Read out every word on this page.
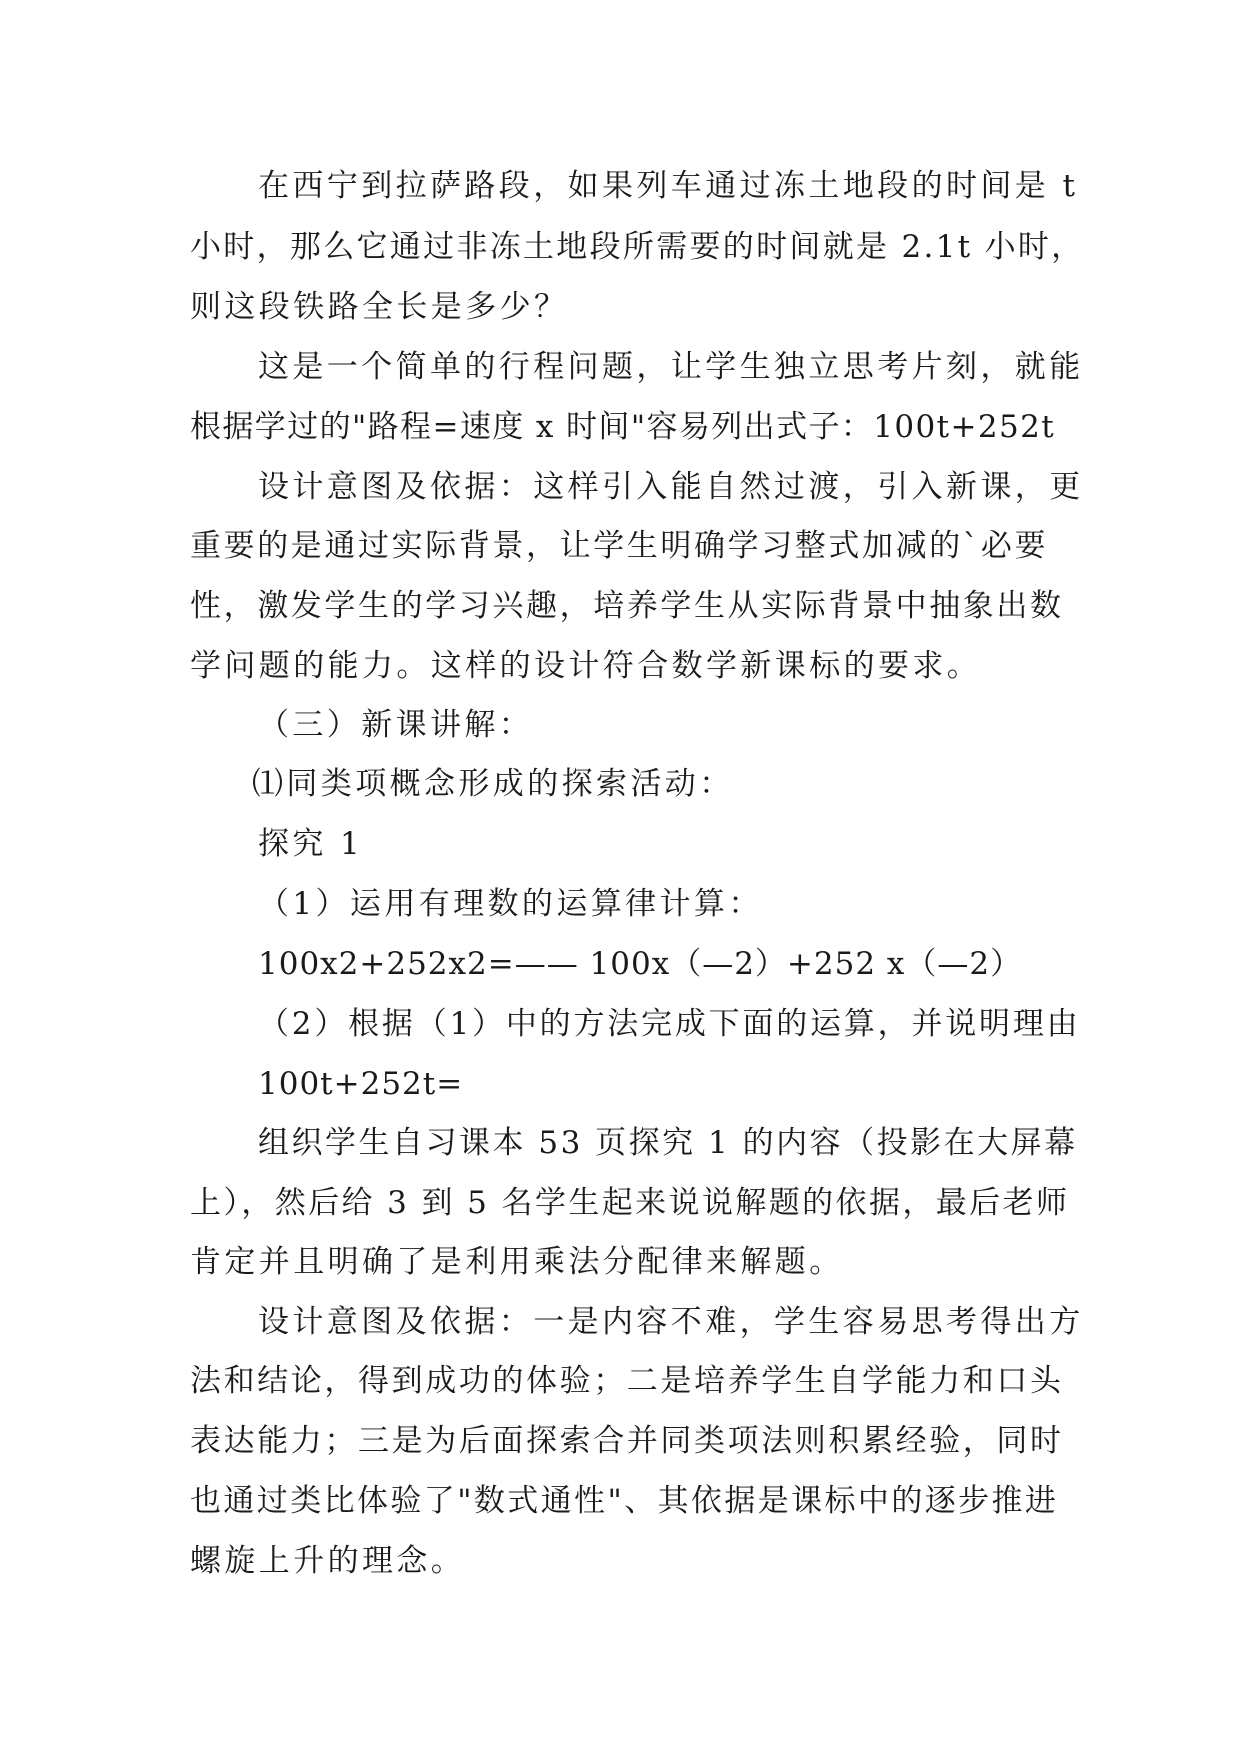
在西宁到拉萨路段，如果列车通过冻土地段的时间是 t
小时，那么它通过非冻土地段所需要的时间就是 2.1t 小时，
则这段铁路全长是多少？
这是一个简单的行程问题，让学生独立思考片刻，就能
根据学过的"路程=速度 x 时间"容易列出式子：100t+252t
设计意图及依据：这样引入能自然过渡，引入新课，更
重要的是通过实际背景，让学生明确学习整式加减的`必要
性，激发学生的学习兴趣，培养学生从实际背景中抽象出数
学问题的能力。这样的设计符合数学新课标的要求。
（三）新课讲解：
⑴同类项概念形成的探索活动：
探究 1
（1）运用有理数的运算律计算：
100x2+252x2=—— 100x（—2）+252 x（—2）
（2）根据（1）中的方法完成下面的运算，并说明理由
100t+252t=
组织学生自习课本 53 页探究 1 的内容（投影在大屏幕
上），然后给 3 到 5 名学生起来说说解题的依据，最后老师
肯定并且明确了是利用乘法分配律来解题。
设计意图及依据：一是内容不难，学生容易思考得出方
法和结论，得到成功的体验；二是培养学生自学能力和口头
表达能力；三是为后面探索合并同类项法则积累经验，同时
也通过类比体验了"数式通性"、其依据是课标中的逐步推进
螺旋上升的理念。
